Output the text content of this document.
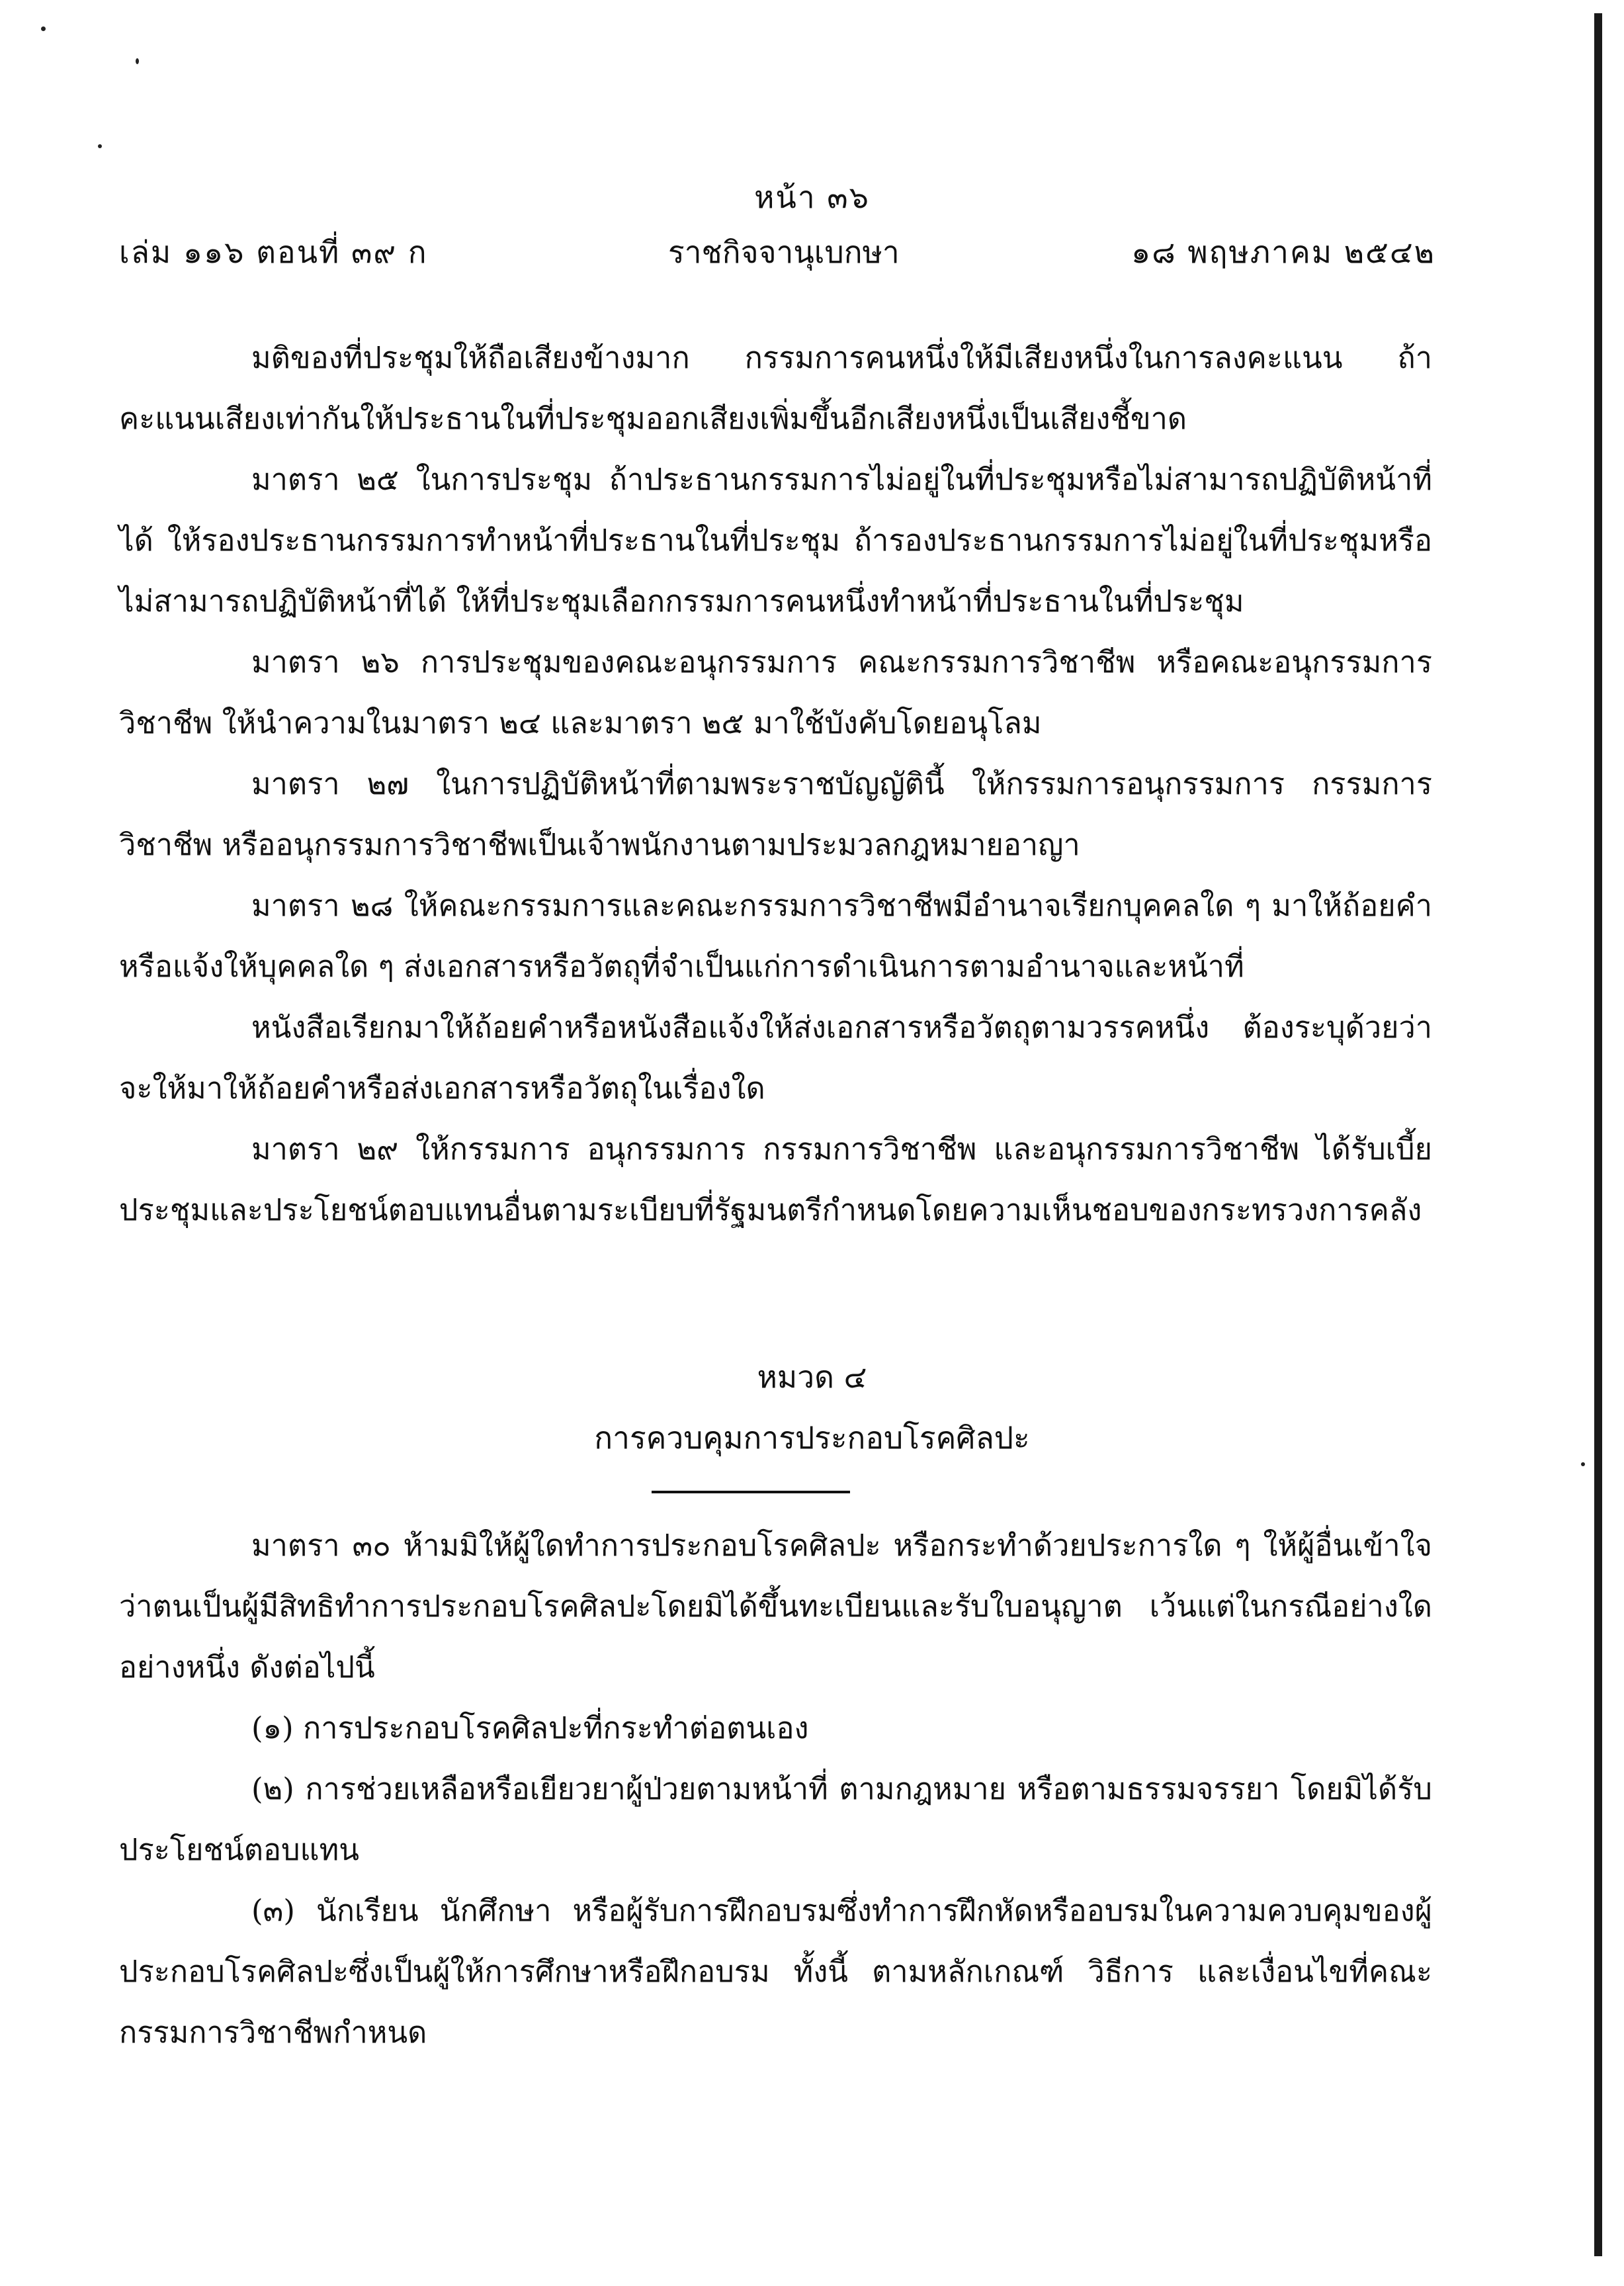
หน้า ๓๖
เล่ม ๑๑๖ ตอนที่ ๓๙ ก	ราชกิจจานุเบกษา	๑๘ พฤษภาคม ๒๕๔๒

มติของที่ประชุมให้ถือเสียงข้างมาก กรรมการคนหนึ่งให้มีเสียงหนึ่งในการลงคะแนน ถ้าคะแนนเสียงเท่ากันให้ประธานในที่ประชุมออกเสียงเพิ่มขึ้นอีกเสียงหนึ่งเป็นเสียงชี้ขาด

มาตรา ๒๕ ในการประชุม ถ้าประธานกรรมการไม่อยู่ในที่ประชุมหรือไม่สามารถปฏิบัติหน้าที่ได้ ให้รองประธานกรรมการทำหน้าที่ประธานในที่ประชุม ถ้ารองประธานกรรมการไม่อยู่ในที่ประชุมหรือไม่สามารถปฏิบัติหน้าที่ได้ ให้ที่ประชุมเลือกกรรมการคนหนึ่งทำหน้าที่ประธานในที่ประชุม

มาตรา ๒๖ การประชุมของคณะอนุกรรมการ คณะกรรมการวิชาชีพ หรือคณะอนุกรรมการวิชาชีพ ให้นำความในมาตรา ๒๔ และมาตรา ๒๕ มาใช้บังคับโดยอนุโลม

มาตรา ๒๗ ในการปฏิบัติหน้าที่ตามพระราชบัญญัตินี้ ให้กรรมการอนุกรรมการ กรรมการวิชาชีพ หรืออนุกรรมการวิชาชีพเป็นเจ้าพนักงานตามประมวลกฎหมายอาญา

มาตรา ๒๘ ให้คณะกรรมการและคณะกรรมการวิชาชีพมีอำนาจเรียกบุคคลใด ๆ มาให้ถ้อยคำ หรือแจ้งให้บุคคลใด ๆ ส่งเอกสารหรือวัตถุที่จำเป็นแก่การดำเนินการตามอำนาจและหน้าที่

หนังสือเรียกมาให้ถ้อยคำหรือหนังสือแจ้งให้ส่งเอกสารหรือวัตถุตามวรรคหนึ่ง ต้องระบุด้วยว่าจะให้มาให้ถ้อยคำหรือส่งเอกสารหรือวัตถุในเรื่องใด

มาตรา ๒๙ ให้กรรมการ อนุกรรมการ กรรมการวิชาชีพ และอนุกรรมการวิชาชีพ ได้รับเบี้ยประชุมและประโยชน์ตอบแทนอื่นตามระเบียบที่รัฐมนตรีกำหนดโดยความเห็นชอบของกระทรวงการคลัง

หมวด ๔
การควบคุมการประกอบโรคศิลปะ

มาตรา ๓๐ ห้ามมิให้ผู้ใดทำการประกอบโรคศิลปะ หรือกระทำด้วยประการใด ๆ ให้ผู้อื่นเข้าใจว่าตนเป็นผู้มีสิทธิทำการประกอบโรคศิลปะโดยมิได้ขึ้นทะเบียนและรับใบอนุญาต เว้นแต่ในกรณีอย่างใดอย่างหนึ่ง ดังต่อไปนี้

(๑) การประกอบโรคศิลปะที่กระทำต่อตนเอง

(๒) การช่วยเหลือหรือเยียวยาผู้ป่วยตามหน้าที่ ตามกฎหมาย หรือตามธรรมจรรยา โดยมิได้รับประโยชน์ตอบแทน

(๓) นักเรียน นักศึกษา หรือผู้รับการฝึกอบรมซึ่งทำการฝึกหัดหรืออบรมในความควบคุมของผู้ประกอบโรคศิลปะซึ่งเป็นผู้ให้การศึกษาหรือฝึกอบรม ทั้งนี้ ตามหลักเกณฑ์ วิธีการ และเงื่อนไขที่คณะกรรมการวิชาชีพกำหนด
